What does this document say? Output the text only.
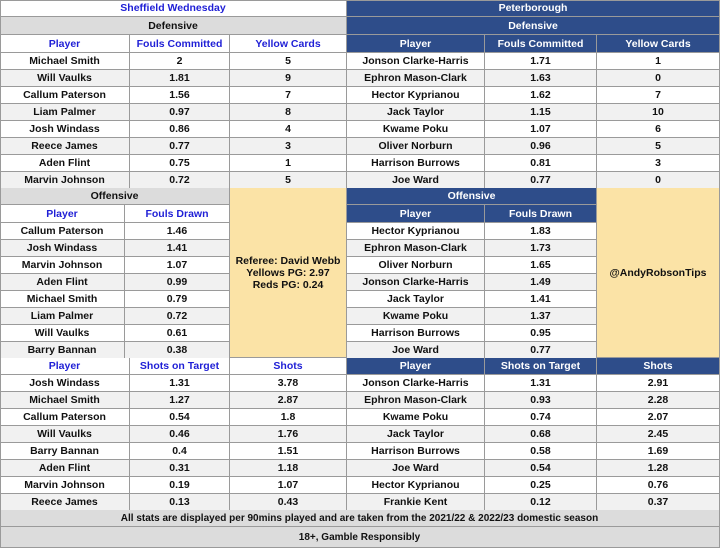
Sheffield Wednesday	Peterborough
Defensive	Defensive
Player	Fouls Committed	Yellow Cards
Michael Smith	2	5
Will Vaulks	1.81	9
Callum Paterson	1.56	7
Liam Palmer	0.97	8
Josh Windass	0.86	4
Reece James	0.77	3
Aden Flint	0.75	1
Marvin Johnson	0.72	5
Player	Fouls Committed	Yellow Cards
Jonson Clarke-Harris	1.71	1
Ephron Mason-Clark	1.63	0
Hector Kyprianou	1.62	7
Jack Taylor	1.15	10
Kwame Poku	1.07	6
Oliver Norburn	0.96	5
Harrison Burrows	0.81	3
Joe Ward	0.77	0
Offensive	Offensive
Player	Fouls Drawn
Callum Paterson	1.46
Josh Windass	1.41
Marvin Johnson	1.07
Aden Flint	0.99
Michael Smith	0.79
Liam Palmer	0.72
Will Vaulks	0.61
Barry Bannan	0.38
Player	Fouls Drawn
Hector Kyprianou	1.83
Ephron Mason-Clark	1.73
Oliver Norburn	1.65
Jonson Clarke-Harris	1.49
Jack Taylor	1.41
Kwame Poku	1.37
Harrison Burrows	0.95
Joe Ward	0.77
Referee: David Webb
Yellows PG: 2.97
Reds PG: 0.24
@AndyRobsonTips
Player	Shots on Target	Shots
Josh Windass	1.31	3.78
Michael Smith	1.27	2.87
Callum Paterson	0.54	1.8
Will Vaulks	0.46	1.76
Barry Bannan	0.4	1.51
Aden Flint	0.31	1.18
Marvin Johnson	0.19	1.07
Reece James	0.13	0.43
Player	Shots on Target	Shots
Jonson Clarke-Harris	1.31	2.91
Ephron Mason-Clark	0.93	2.28
Kwame Poku	0.74	2.07
Jack Taylor	0.68	2.45
Harrison Burrows	0.58	1.69
Joe Ward	0.54	1.28
Hector Kyprianou	0.25	0.76
Frankie Kent	0.12	0.37
All stats are displayed per 90mins played and are taken from the 2021/22 & 2022/23 domestic season
18+, Gamble Responsibly
